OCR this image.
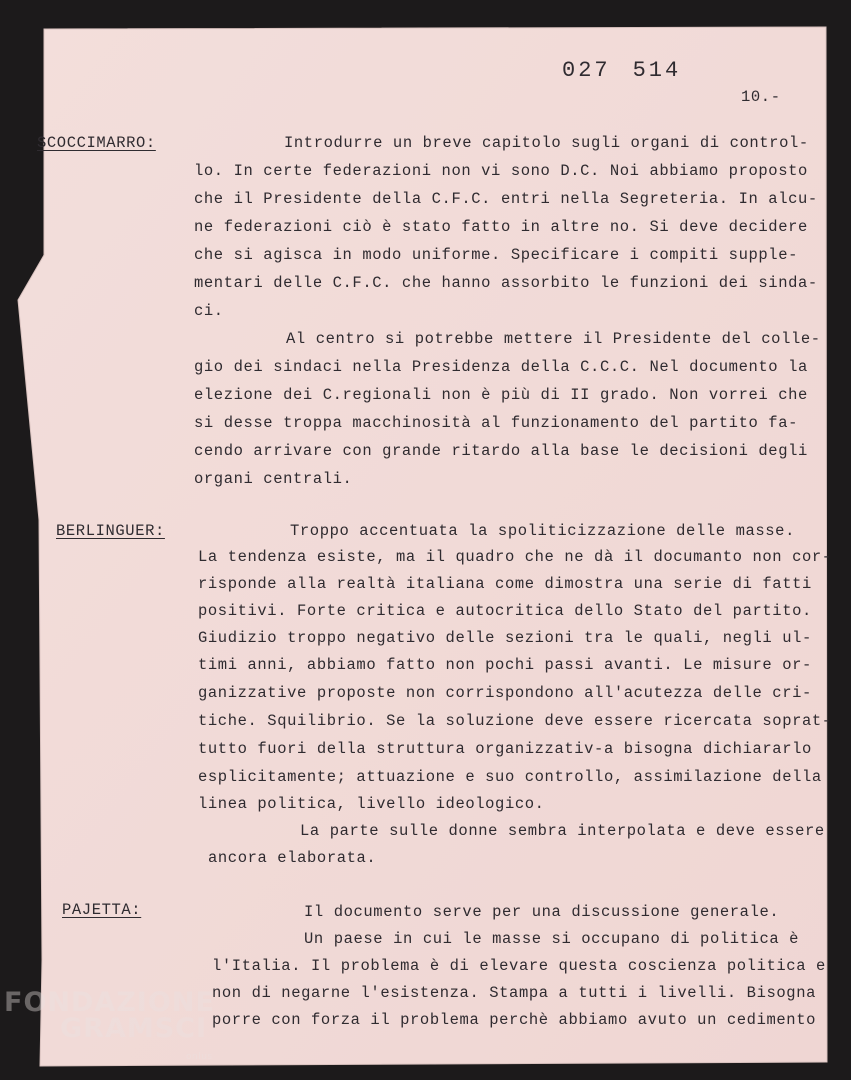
027 514
10.-
SCOCCIMARRO:	Introdurre un breve capitolo sugli organi di control-
lo. In certe federazioni non vi sono D.C. Noi abbiamo proposto
che il Presidente della C.F.C. entri nella Segreteria. In alcu-
ne federazioni ciò è stato fatto in altre no. Si deve decidere
che si agisca in modo uniforme. Specificare i compiti supple-
mentari delle C.F.C. che hanno assorbito le funzioni dei sinda-
ci.
Al centro si potrebbe mettere il Presidente del colle-
gio dei sindaci nella Presidenza della C.C.C. Nel documento la
elezione dei C.regionali non è più di II grado. Non vorrei che
si desse troppa macchinosità al funzionamento del partito fa-
cendo arrivare con grande ritardo alla base le decisioni degli
organi centrali.
BERLINGUER:	Troppo accentuata la spoliticizzazione delle masse.
La tendenza esiste, ma il quadro che ne dà il documanto non cor-
risponde alla realtà italiana come dimostra una serie di fatti
positivi. Forte critica e autocritica dello Stato del partito.
Giudizio troppo negativo delle sezioni tra le quali, negli ul-
timi anni, abbiamo fatto non pochi passi avanti. Le misure or-
ganizzative proposte non corrispondono all'acutezza delle cri-
tiche. Squilibrio. Se la soluzione deve essere ricercata soprat-
tutto fuori della struttura organizzativ-a bisogna dichiararlo
esplicitamente; attuazione e suo controllo, assimilazione della
linea politica, livello ideologico.
La parte sulle donne sembra interpolata e deve essere
ancora elaborata.
PAJETTA:	Il documento serve per una discussione generale.
Un paese in cui le masse si occupano di politica è
l'Italia. Il problema è di elevare questa coscienza politica e
non di negarne l'esistenza. Stampa a tutti i livelli. Bisogna
porre con forza il problema perchè abbiamo avuto un cedimento
FONDAZIONE
GRAMSCI
onlus
